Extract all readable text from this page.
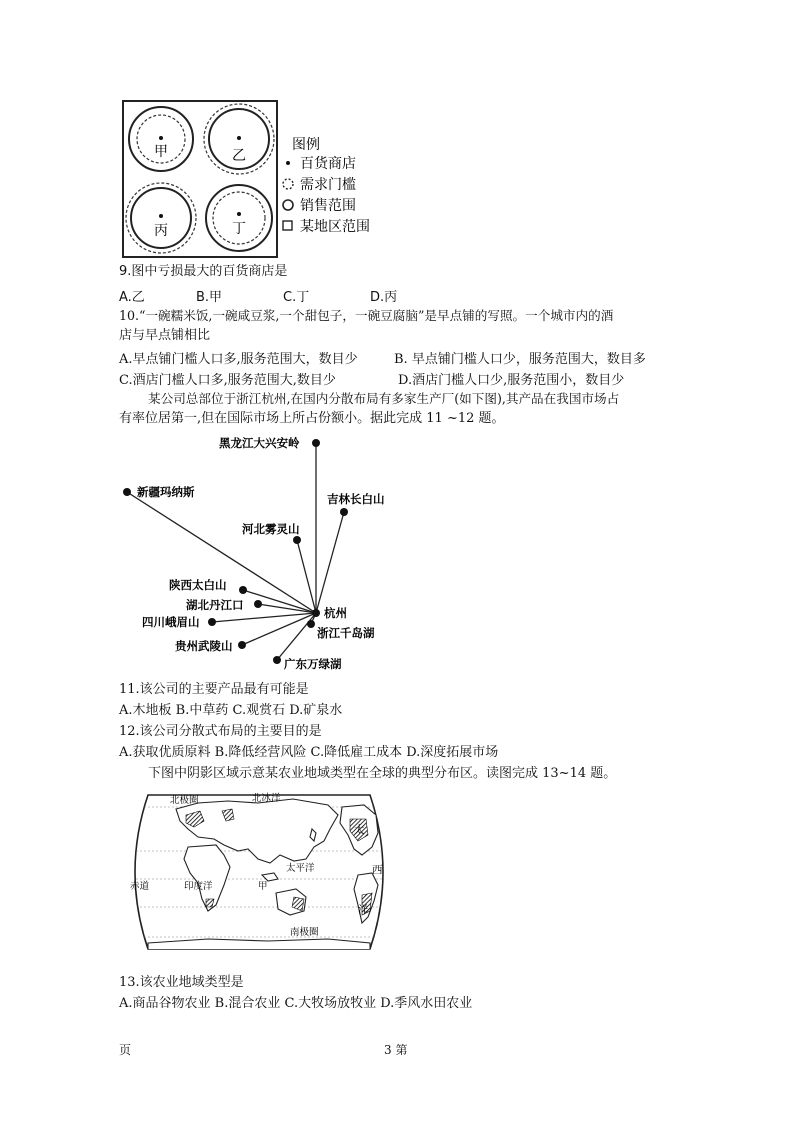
甲	乙
丙	丁
图例
百货商店
需求门槛
销售范围
某地区范围
9.图中亏损最大的百货商店是
A.乙	B.甲	C.丁	D.丙
10.“一碗糯米饭,一碗咸豆浆,一个甜包子，一碗豆腐脑”是早点铺的写照。一个城市内的酒
店与早点铺相比
A.早点铺门槛人口多,服务范围大，数目少	B. 早点铺门槛人口少，服务范围大，数目多
C.酒店门槛人口多,服务范围大,数目少	D.酒店门槛人口少,服务范围小，数目少
某公司总部位于浙江杭州,在国内分散布局有多家生产厂(如下图),其产品在我国市场占
有率位居第一,但在国际市场上所占份额小。据此完成 11 ~12 题。
黑龙江大兴安岭
新疆玛纳斯	吉林长白山
河北雾灵山
陕西太白山
湖北丹江口
四川峨眉山
贵州武陵山
广东万绿湖
杭州
浙江千岛湖
11.该公司的主要产品最有可能是
A.木地板 B.中草药 C.观赏石 D.矿泉水
12.该公司分散式布局的主要目的是
A.获取优质原料 B.降低经营风险 C.降低雇工成本 D.深度拓展市场
下图中阴影区域示意某农业地域类型在全球的典型分布区。读图完成 13~14 题。
北极圈	北冰洋
太
太平洋	西
赤道	印度洋	甲
洋
南极圈
13.该农业地域类型是
A.商品谷物农业 B.混合农业 C.大牧场放牧业 D.季风水田农业
页	3 第
